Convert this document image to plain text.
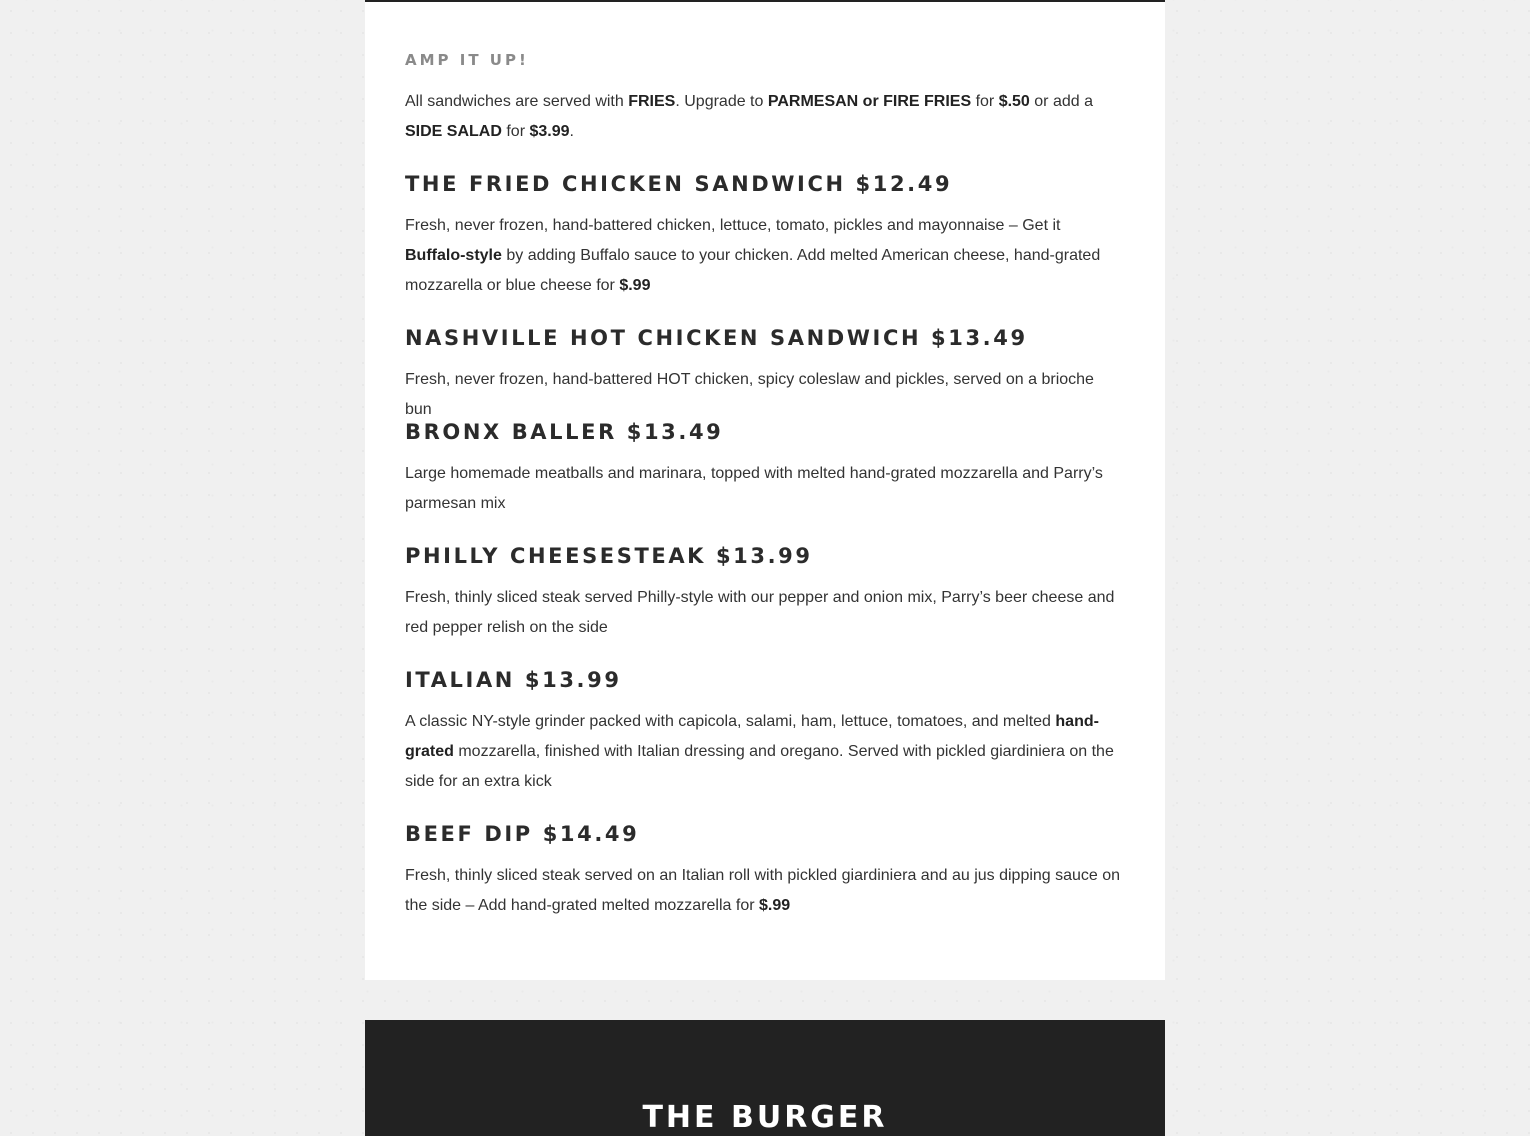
AMP IT UP!

All sandwiches are served with FRIES. Upgrade to PARMESAN or FIRE FRIES for $.50 or add a SIDE SALAD for $3.99.

THE FRIED CHICKEN SANDWICH $12.49

Fresh, never frozen, hand-battered chicken, lettuce, tomato, pickles and mayonnaise – Get it Buffalo-style by adding Buffalo sauce to your chicken. Add melted American cheese, hand-grated mozzarella or blue cheese for $.99

NASHVILLE HOT CHICKEN SANDWICH $13.49

Fresh, never frozen, hand-battered HOT chicken, spicy coleslaw and pickles, served on a brioche bun

BRONX BALLER $13.49

Large homemade meatballs and marinara, topped with melted hand-grated mozzarella and Parry’s parmesan mix

PHILLY CHEESESTEAK $13.99

Fresh, thinly sliced steak served Philly-style with our pepper and onion mix, Parry’s beer cheese and red pepper relish on the side

ITALIAN $13.99

A classic NY-style grinder packed with capicola, salami, ham, lettuce, tomatoes, and melted hand-grated mozzarella, finished with Italian dressing and oregano. Served with pickled giardiniera on the side for an extra kick

BEEF DIP $14.49

Fresh, thinly sliced steak served on an Italian roll with pickled giardiniera and au jus dipping sauce on the side – Add hand-grated melted mozzarella for $.99

THE BURGER
